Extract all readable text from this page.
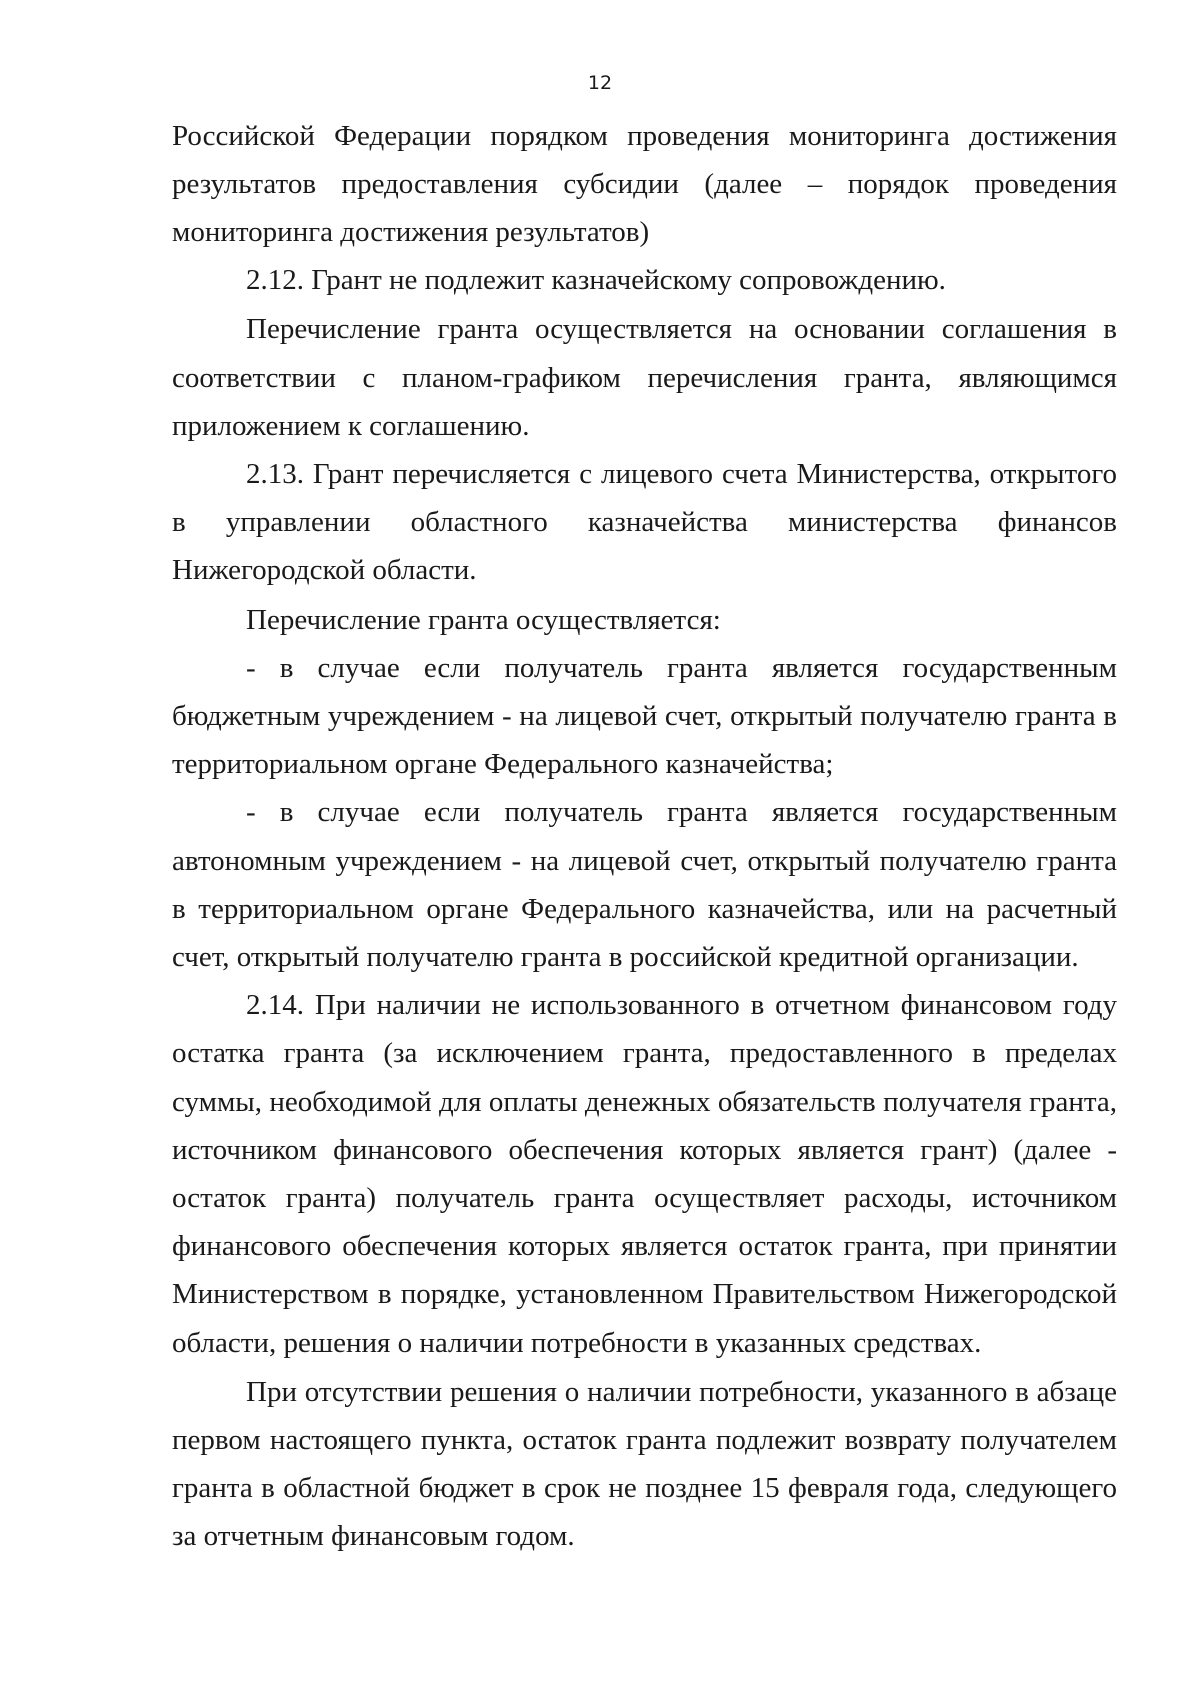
12

Российской Федерации порядком проведения мониторинга достижения результатов предоставления субсидии (далее – порядок проведения мониторинга достижения результатов)

2.12. Грант не подлежит казначейскому сопровождению.

Перечисление гранта осуществляется на основании соглашения в соответствии с планом-графиком перечисления гранта, являющимся приложением к соглашению.

2.13. Грант перечисляется с лицевого счета Министерства, открытого в управлении областного казначейства министерства финансов Нижегородской области.

Перечисление гранта осуществляется:

- в случае если получатель гранта является государственным бюджетным учреждением - на лицевой счет, открытый получателю гранта в территориальном органе Федерального казначейства;

- в случае если получатель гранта является государственным автономным учреждением - на лицевой счет, открытый получателю гранта в территориальном органе Федерального казначейства, или на расчетный счет, открытый получателю гранта в российской кредитной организации.

2.14. При наличии не использованного в отчетном финансовом году остатка гранта (за исключением гранта, предоставленного в пределах суммы, необходимой для оплаты денежных обязательств получателя гранта, источником финансового обеспечения которых является грант) (далее - остаток гранта) получатель гранта осуществляет расходы, источником финансового обеспечения которых является остаток гранта, при принятии Министерством в порядке, установленном Правительством Нижегородской области, решения о наличии потребности в указанных средствах.

При отсутствии решения о наличии потребности, указанного в абзаце первом настоящего пункта, остаток гранта подлежит возврату получателем гранта в областной бюджет в срок не позднее 15 февраля года, следующего за отчетным финансовым годом.
